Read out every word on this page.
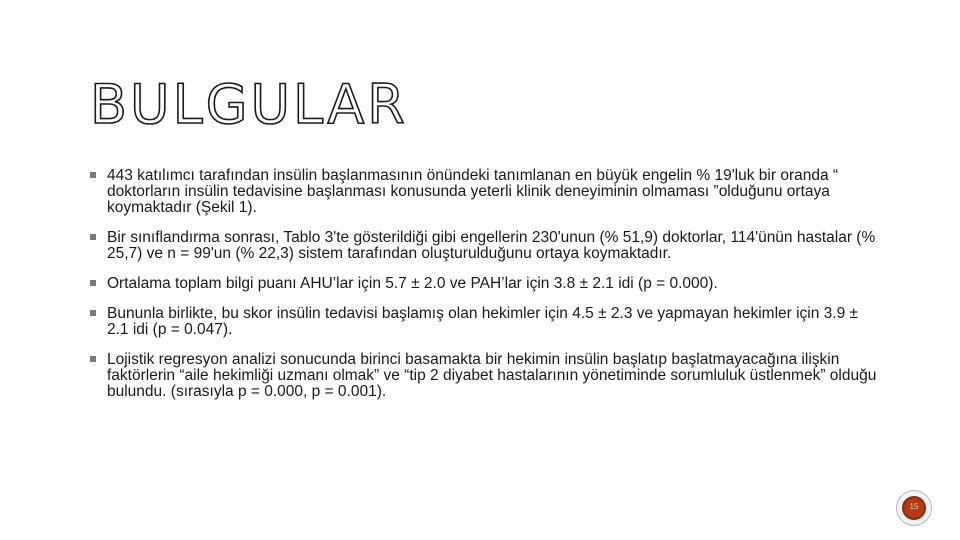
BULGULAR
443 katılımcı tarafından insülin başlanmasının önündeki tanımlanan en büyük engelin % 19'luk bir oranda “ doktorların insülin tedavisine başlanması konusunda yeterli klinik deneyiminin olmaması ”olduğunu ortaya koymaktadır (Şekil 1).
Bir sınıflandırma sonrası, Tablo 3'te gösterildiği gibi engellerin 230'unun (% 51,9) doktorlar, 114'ünün hastalar (% 25,7) ve n = 99'un (% 22,3) sistem tarafından oluşturulduğunu ortaya koymaktadır.
Ortalama toplam bilgi puanı AHU’lar için 5.7 ± 2.0 ve PAH’lar için 3.8 ± 2.1 idi (p = 0.000).
Bununla birlikte, bu skor insülin tedavisi başlamış olan hekimler için 4.5 ± 2.3 ve yapmayan hekimler için 3.9 ± 2.1 idi (p = 0.047).
Lojistik regresyon analizi sonucunda birinci basamakta bir hekimin insülin başlatıp başlatmayacağına ilişkin faktörlerin “aile hekimliği uzmanı olmak” ve “tip 2 diyabet hastalarının yönetiminde sorumluluk üstlenmek” olduğu bulundu. (sırasıyla p = 0.000, p = 0.001).
15
